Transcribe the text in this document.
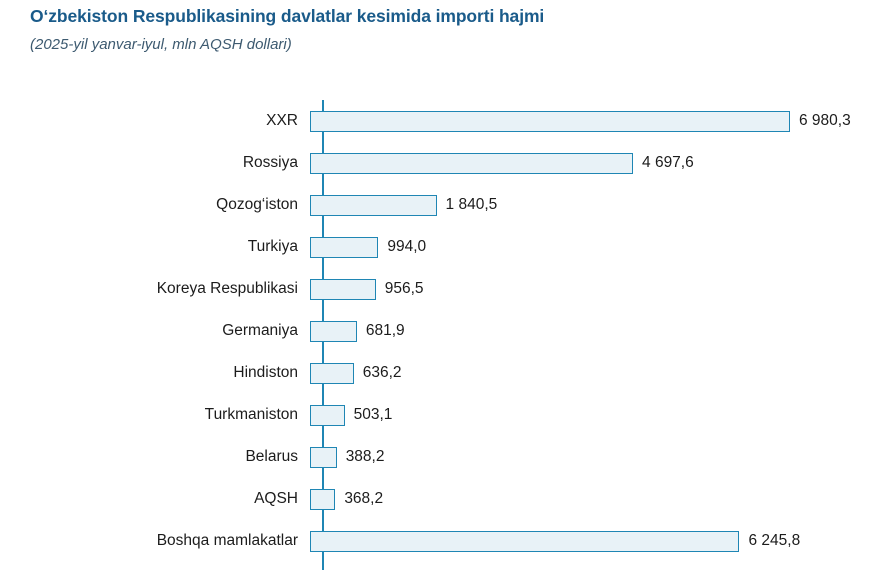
O‘zbekiston Respublikasining davlatlar kesimida importi hajmi
(2025-yil yanvar-iyul, mln AQSH dollari)
XXR	6 980,3
Rossiya	4 697,6
Qozog‘iston	1 840,5
Turkiya	994,0
Koreya Respublikasi	956,5
Germaniya	681,9
Hindiston	636,2
Turkmaniston	503,1
Belarus	388,2
AQSH	368,2
Boshqa mamlakatlar	6 245,8
